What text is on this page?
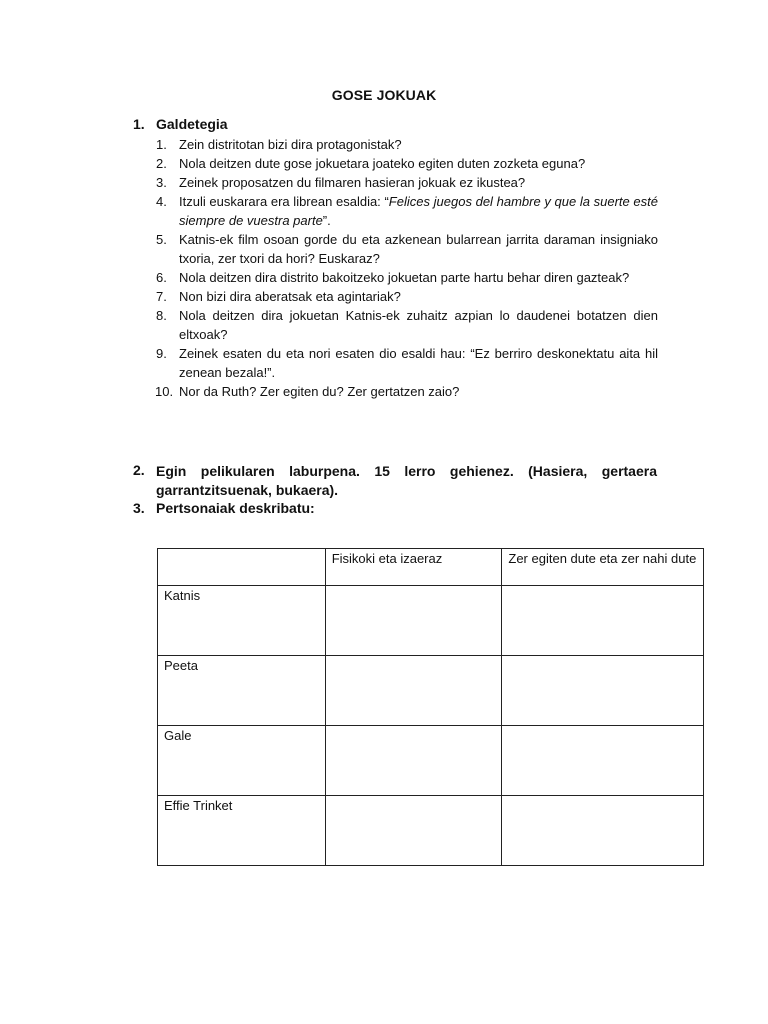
GOSE JOKUAK
1. Galdetegia
1. Zein distritotan bizi dira protagonistak?
2. Nola deitzen dute gose jokuetara joateko egiten duten zozketa eguna?
3. Zeinek proposatzen du filmaren hasieran jokuak ez ikustea?
4. Itzuli euskarara era librean esaldia: “Felices juegos del hambre y que la suerte esté siempre de vuestra parte”.
5. Katnis-ek film osoan gorde du eta azkenean bularrean jarrita daraman insigniako txoria, zer txori da hori? Euskaraz?
6. Nola deitzen dira distrito bakoitzeko jokuetan parte hartu behar diren gazteak?
7. Non bizi dira aberatsak eta agintariak?
8. Nola deitzen dira jokuetan Katnis-ek zuhaitz azpian lo daudenei botatzen dien eltxoak?
9. Zeinek esaten du eta nori esaten dio esaldi hau: “Ez berriro deskonektatu aita hil zenean bezala!”.
10. Nor da Ruth? Zer egiten du? Zer gertatzen zaio?
2. Egin pelikularen laburpena. 15 lerro gehienez. (Hasiera, gertaera garrantzitsuenak, bukaera).
3. Pertsonaiak deskribatu:
	Fisikoki eta izaeraz	Zer egiten dute eta zer nahi dute
Katnis		
Peeta		
Gale		
Effie Trinket		
